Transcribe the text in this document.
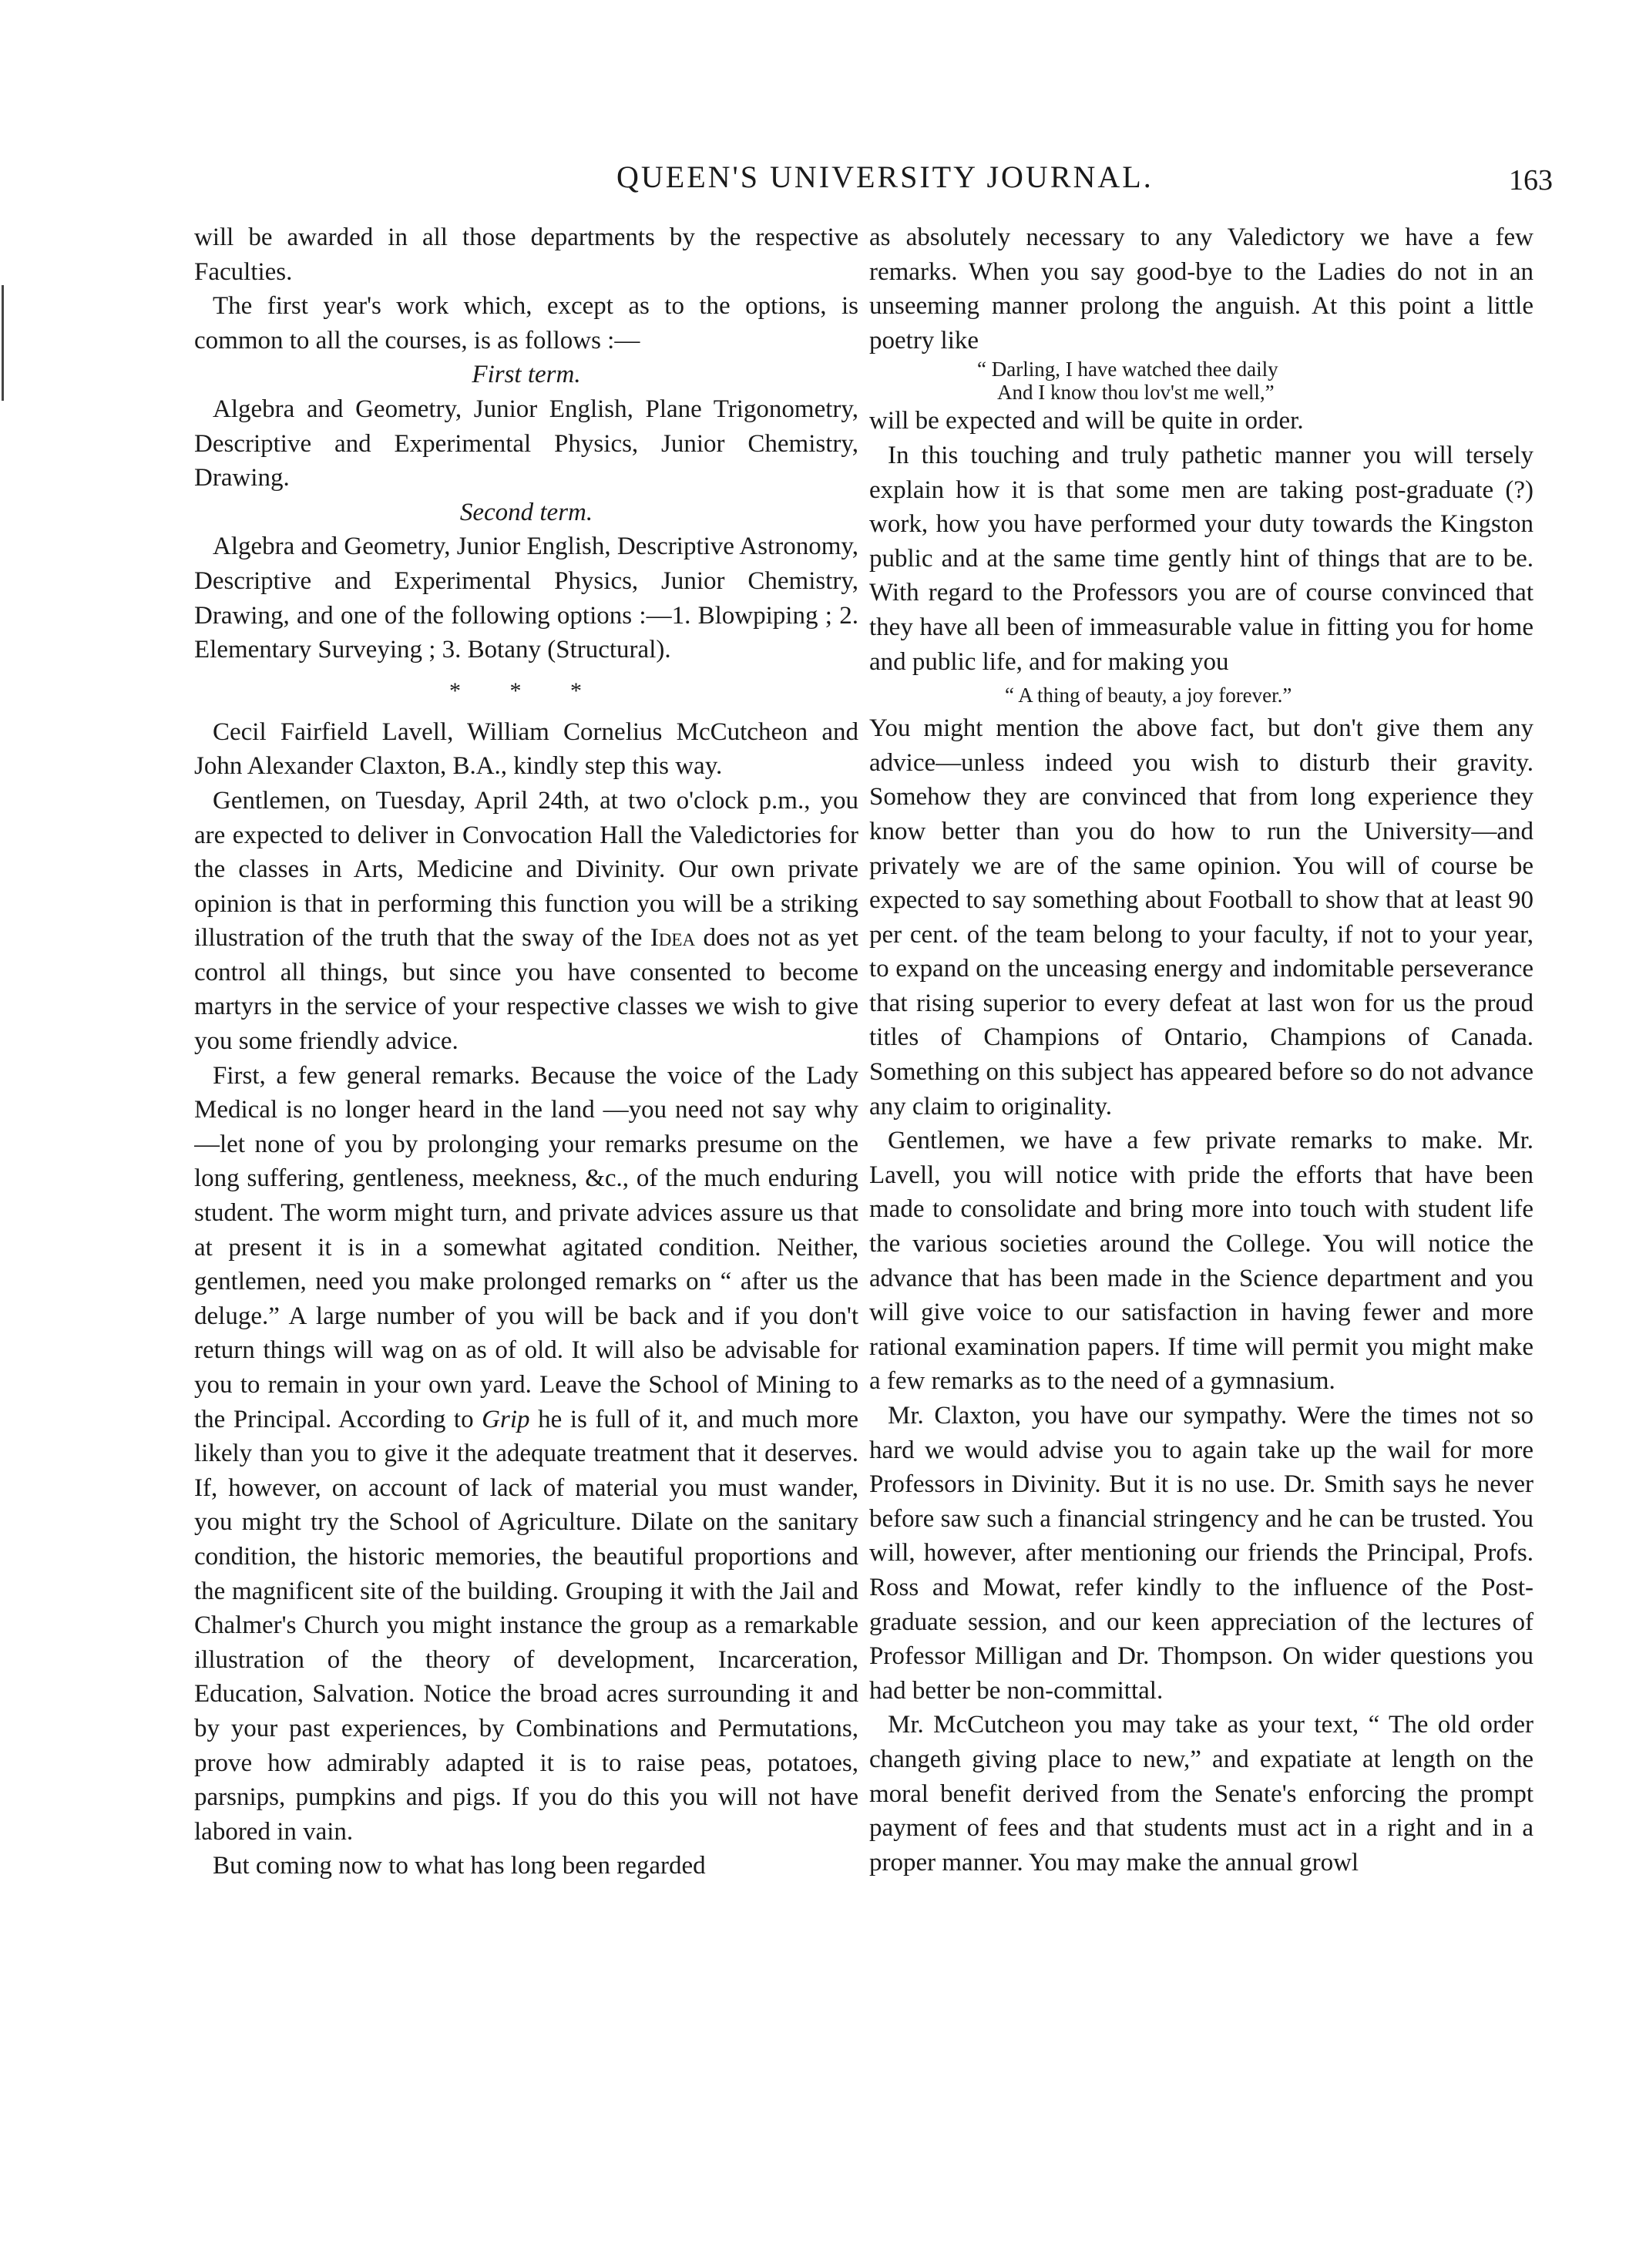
QUEEN'S UNIVERSITY JOURNAL.	163

will be awarded in all those departments by the respective Faculties.

The first year's work which, except as to the options, is common to all the courses, is as follows :—

First term.

Algebra and Geometry, Junior English, Plane Trigonometry, Descriptive and Experimental Physics, Junior Chemistry, Drawing.

Second term.

Algebra and Geometry, Junior English, Descriptive Astronomy, Descriptive and Experimental Physics, Junior Chemistry, Drawing, and one of the following options :—1. Blowpiping ; 2. Elementary Surveying ; 3. Botany (Structural).

* * *

Cecil Fairfield Lavell, William Cornelius McCutcheon and John Alexander Claxton, B.A., kindly step this way.

Gentlemen, on Tuesday, April 24th, at two o'clock p.m., you are expected to deliver in Convocation Hall the Valedictories for the classes in Arts, Medicine and Divinity. Our own private opinion is that in performing this function you will be a striking illustration of the truth that the sway of the Idea does not as yet control all things, but since you have consented to become martyrs in the service of your respective classes we wish to give you some friendly advice.

First, a few general remarks. Because the voice of the Lady Medical is no longer heard in the land —you need not say why—let none of you by prolonging your remarks presume on the long suffering, gentleness, meekness, &c., of the much enduring student. The worm might turn, and private advices assure us that at present it is in a somewhat agitated condition. Neither, gentlemen, need you make prolonged remarks on “ after us the deluge.” A large number of you will be back and if you don't return things will wag on as of old. It will also be advisable for you to remain in your own yard. Leave the School of Mining to the Principal. According to Grip he is full of it, and much more likely than you to give it the adequate treatment that it deserves. If, however, on account of lack of material you must wander, you might try the School of Agriculture. Dilate on the sanitary condition, the historic memories, the beautiful proportions and the magnificent site of the building. Grouping it with the Jail and Chalmer's Church you might instance the group as a remarkable illustration of the theory of development, Incarceration, Education, Salvation. Notice the broad acres surrounding it and by your past experiences, by Combinations and Permutations, prove how admirably adapted it is to raise peas, potatoes, parsnips, pumpkins and pigs. If you do this you will not have labored in vain.

But coming now to what has long been regarded

as absolutely necessary to any Valedictory we have a few remarks. When you say good-bye to the Ladies do not in an unseeming manner prolong the anguish. At this point a little poetry like

“ Darling, I have watched thee daily

And I know thou lov'st me well,”

will be expected and will be quite in order.

In this touching and truly pathetic manner you will tersely explain how it is that some men are taking post-graduate (?) work, how you have performed your duty towards the Kingston public and at the same time gently hint of things that are to be. With regard to the Professors you are of course convinced that they have all been of immeasurable value in fitting you for home and public life, and for making you

“ A thing of beauty, a joy forever.”

You might mention the above fact, but don't give them any advice—unless indeed you wish to disturb their gravity. Somehow they are convinced that from long experience they know better than you do how to run the University—and privately we are of the same opinion. You will of course be expected to say something about Football to show that at least 90 per cent. of the team belong to your faculty, if not to your year, to expand on the unceasing energy and indomitable perseverance that rising superior to every defeat at last won for us the proud titles of Champions of Ontario, Champions of Canada. Something on this subject has appeared before so do not advance any claim to originality.

Gentlemen, we have a few private remarks to make. Mr. Lavell, you will notice with pride the efforts that have been made to consolidate and bring more into touch with student life the various societies around the College. You will notice the advance that has been made in the Science department and you will give voice to our satisfaction in having fewer and more rational examination papers. If time will permit you might make a few remarks as to the need of a gymnasium.

Mr. Claxton, you have our sympathy. Were the times not so hard we would advise you to again take up the wail for more Professors in Divinity. But it is no use. Dr. Smith says he never before saw such a financial stringency and he can be trusted. You will, however, after mentioning our friends the Principal, Profs. Ross and Mowat, refer kindly to the influence of the Post-graduate session, and our keen appreciation of the lectures of Professor Milligan and Dr. Thompson. On wider questions you had better be non-committal.

Mr. McCutcheon you may take as your text, “ The old order changeth giving place to new,” and expatiate at length on the moral benefit derived from the Senate's enforcing the prompt payment of fees and that students must act in a right and in a proper manner. You may make the annual growl
